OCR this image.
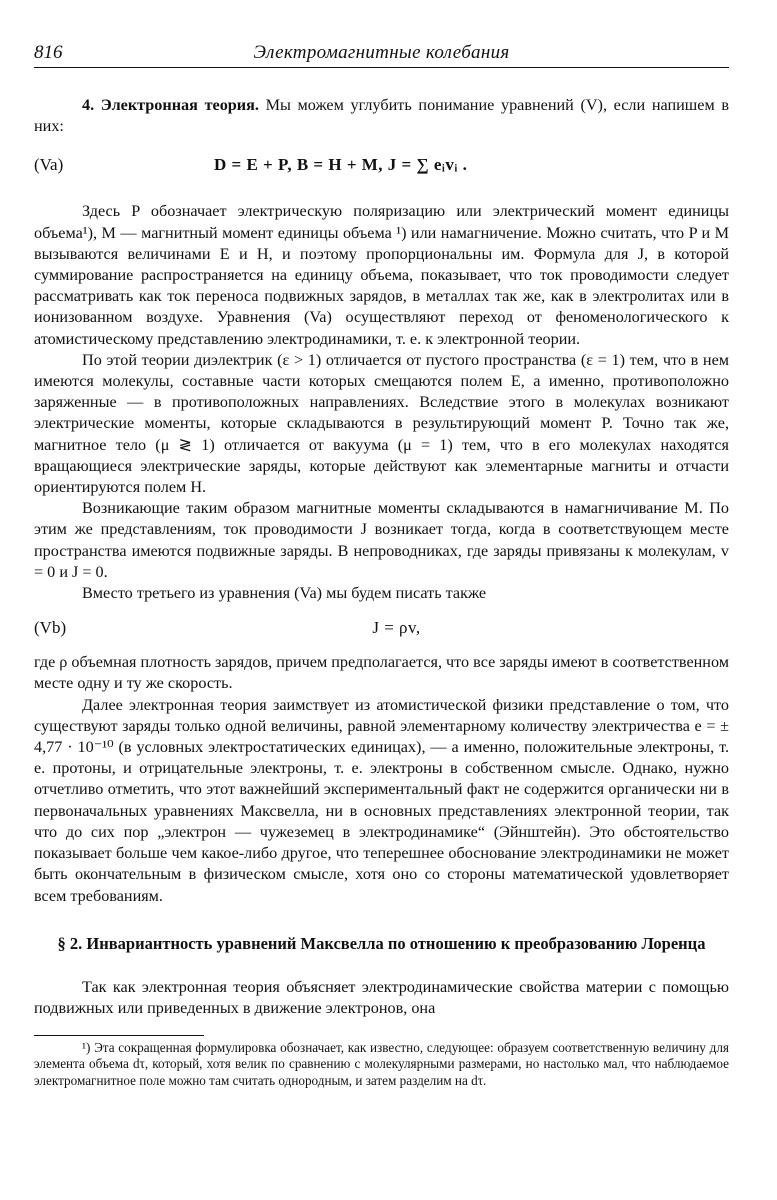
816	Электромагнитные колебания

4. Электронная теория. Мы можем углубить понимание уравнений (V), если напишем в них:

(Va)	D = E + P, B = H + M, J = ∑ eᵢvᵢ .

Здесь P обозначает электрическую поляризацию или электрический момент единицы объема¹), M — магнитный момент единицы объема ¹) или намагничение. Можно считать, что P и M вызываются величинами E и H, и поэтому пропорциональны им. Формула для J, в которой суммирование распространяется на единицу объема, показывает, что ток проводимости следует рассматривать как ток переноса подвижных зарядов, в металлах так же, как в электролитах или в ионизованном воздухе. Уравнения (Va) осуществляют переход от феноменологического к атомистическому представлению электродинамики, т. е. к электронной теории.

По этой теории диэлектрик (ε > 1) отличается от пустого пространства (ε = 1) тем, что в нем имеются молекулы, составные части которых смещаются полем E, а именно, противоположно заряженные — в противоположных направлениях. Вследствие этого в молекулах возникают электрические моменты, которые складываются в результирующий момент P. Точно так же, магнитное тело (μ ≷ 1) отличается от вакуума (μ = 1) тем, что в его молекулах находятся вращающиеся электрические заряды, которые действуют как элементарные магниты и отчасти ориентируются полем H.

Возникающие таким образом магнитные моменты складываются в намагничивание M. По этим же представлениям, ток проводимости J возникает тогда, когда в соответствующем месте пространства имеются подвижные заряды. В непроводниках, где заряды привязаны к молекулам, v = 0 и J = 0.

Вместо третьего из уравнения (Va) мы будем писать также

(Vb)	J = ρv,

где ρ объемная плотность зарядов, причем предполагается, что все заряды имеют в соответственном месте одну и ту же скорость.

Далее электронная теория заимствует из атомистической физики представление о том, что существуют заряды только одной величины, равной элементарному количеству электричества e = ± 4,77 · 10⁻¹⁰ (в условных электростатических единицах), — а именно, положительные электроны, т. е. протоны, и отрицательные электроны, т. е. электроны в собственном смысле. Однако, нужно отчетливо отметить, что этот важнейший экспериментальный факт не содержится органически ни в первоначальных уравнениях Максвелла, ни в основных представлениях электронной теории, так что до сих пор „электрон — чужеземец в электродинамике“ (Эйнштейн). Это обстоятельство показывает больше чем какое-либо другое, что теперешнее обоснование электродинамики не может быть окончательным в физическом смысле, хотя оно со стороны математической удовлетворяет всем требованиям.

§ 2. Инвариантность уравнений Максвелла по отношению к преобразованию Лоренца

Так как электронная теория объясняет электродинамические свойства материи с помощью подвижных или приведенных в движение электронов, она

¹) Эта сокращенная формулировка обозначает, как известно, следующее: образуем соответственную величину для элемента объема dτ, который, хотя велик по сравнению с молекулярными размерами, но настолько мал, что наблюдаемое электромагнитное поле можно там считать однородным, и затем разделим на dτ.
